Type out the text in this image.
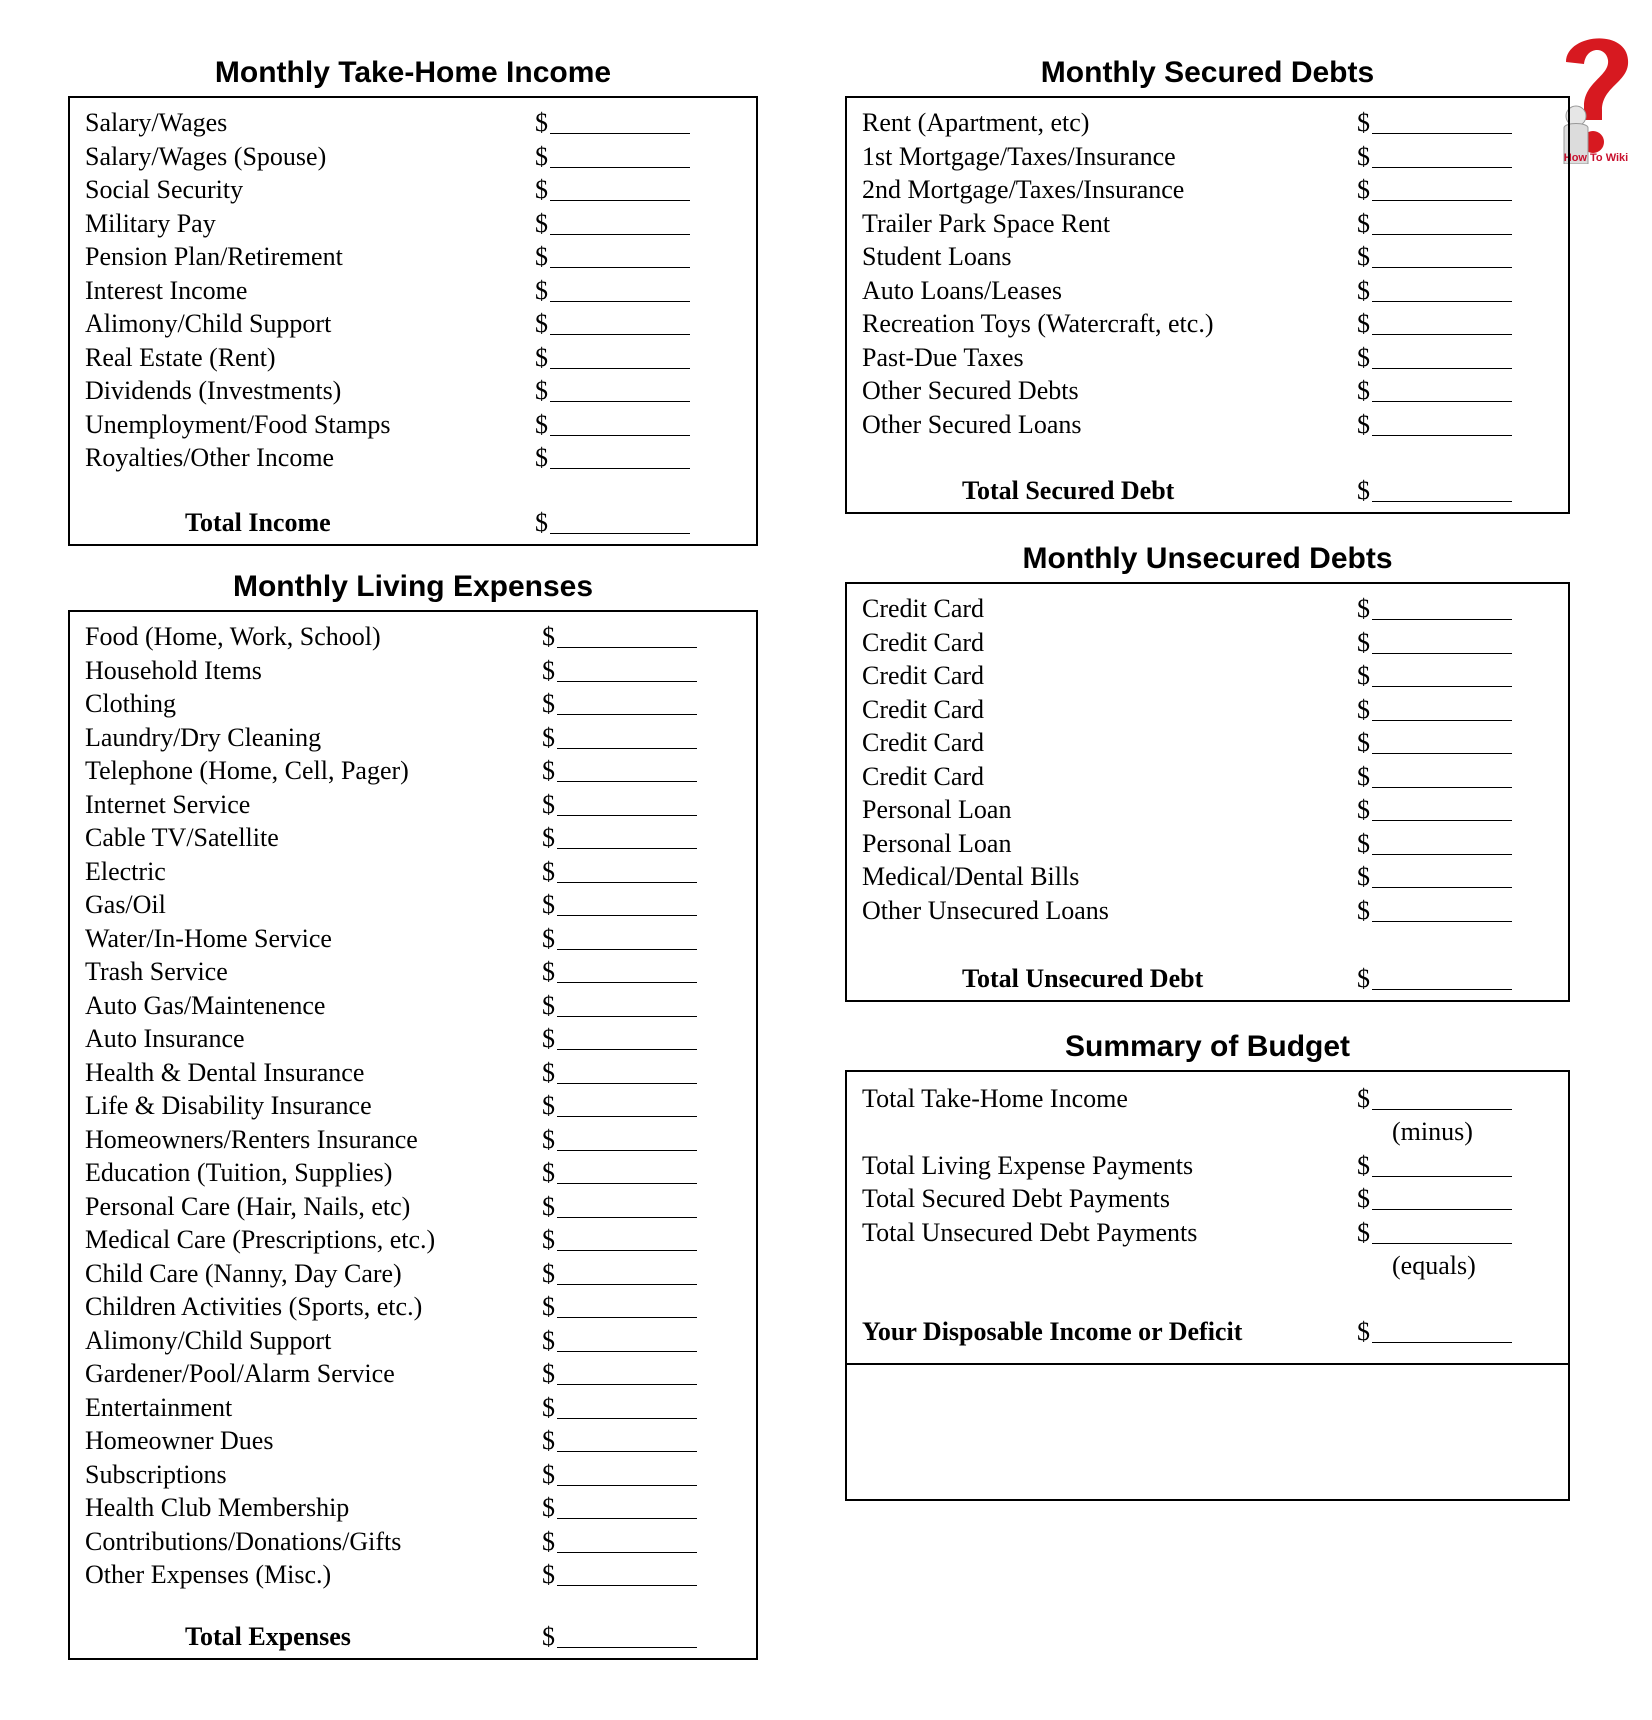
How To Wiki
Monthly Take-Home Income
Salary/Wages	$
Salary/Wages (Spouse)	$
Social Security	$
Military Pay	$
Pension Plan/Retirement	$
Interest Income	$
Alimony/Child Support	$
Real Estate (Rent)	$
Dividends (Investments)	$
Unemployment/Food Stamps	$
Royalties/Other Income	$
Total Income	$
Monthly Living Expenses
Food (Home, Work, School)	$
Household Items	$
Clothing	$
Laundry/Dry Cleaning	$
Telephone (Home, Cell, Pager)	$
Internet Service	$
Cable TV/Satellite	$
Electric	$
Gas/Oil	$
Water/In-Home Service	$
Trash Service	$
Auto Gas/Maintenence	$
Auto Insurance	$
Health & Dental Insurance	$
Life & Disability Insurance	$
Homeowners/Renters Insurance	$
Education (Tuition, Supplies)	$
Personal Care (Hair, Nails, etc)	$
Medical Care (Prescriptions, etc.)	$
Child Care (Nanny, Day Care)	$
Children Activities (Sports, etc.)	$
Alimony/Child Support	$
Gardener/Pool/Alarm Service	$
Entertainment	$
Homeowner Dues	$
Subscriptions	$
Health Club Membership	$
Contributions/Donations/Gifts	$
Other Expenses (Misc.)	$
Total Expenses	$
Monthly Secured Debts
Rent (Apartment, etc)	$
1st Mortgage/Taxes/Insurance	$
2nd Mortgage/Taxes/Insurance	$
Trailer Park Space Rent	$
Student Loans	$
Auto Loans/Leases	$
Recreation Toys (Watercraft, etc.)	$
Past-Due Taxes	$
Other Secured Debts	$
Other Secured Loans	$
Total Secured Debt	$
Monthly Unsecured Debts
Credit Card	$
Credit Card	$
Credit Card	$
Credit Card	$
Credit Card	$
Credit Card	$
Personal Loan	$
Personal Loan	$
Medical/Dental Bills	$
Other Unsecured Loans	$
Total Unsecured Debt	$
Summary of Budget
Total Take-Home Income	$
(minus)
Total Living Expense Payments	$
Total Secured Debt Payments	$
Total Unsecured Debt Payments	$
(equals)
Your Disposable Income or Deficit	$
